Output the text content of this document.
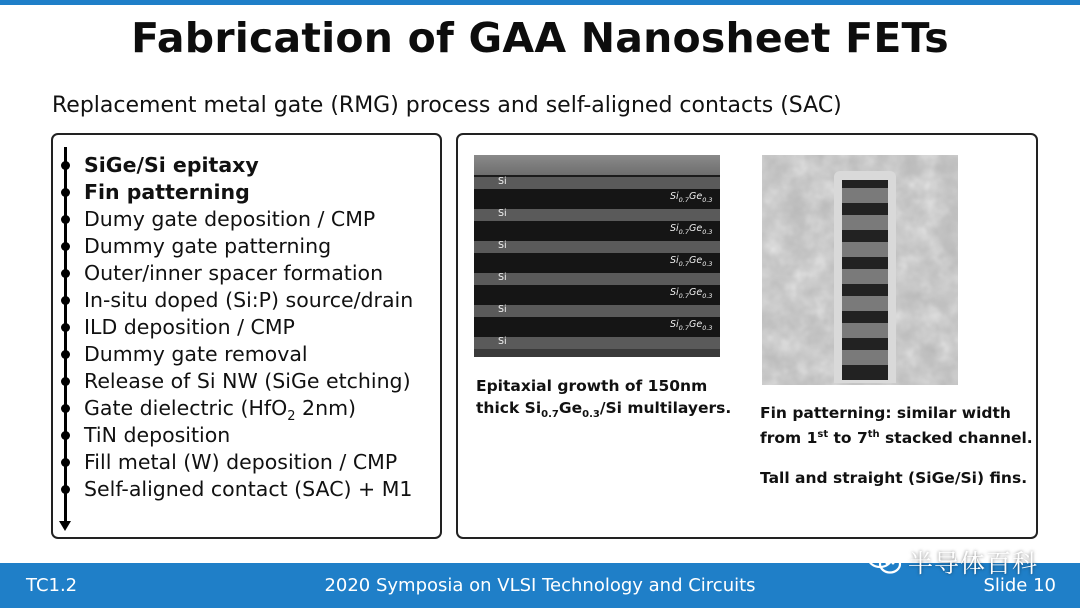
Fabrication of GAA Nanosheet FETs
Replacement metal gate (RMG) process and self-aligned contacts (SAC)
SiGe/Si epitaxy
Fin patterning
Dumy gate deposition / CMP
Dummy gate patterning
Outer/inner spacer formation
In-situ doped (Si:P) source/drain
ILD deposition / CMP
Dummy gate removal
Release of Si NW (SiGe etching)
Gate dielectric (HfO$_2$ 2nm)
TiN deposition
Fill metal (W) deposition / CMP
Self-aligned contact (SAC) + M1
Si
$Si_{0.7}Ge_{0.3}$
Si
$Si_{0.7}Ge_{0.3}$
Si
$Si_{0.7}Ge_{0.3}$
Si
$Si_{0.7}Ge_{0.3}$
Si
$Si_{0.7}Ge_{0.3}$
Si
Epitaxial growth of 150nm
thick $Si_{0.7}Ge_{0.3}/Si$ multilayers.	Fin patterning: similar width
from 1st to 7th stacked channel.
Tall and straight (SiGe/Si) fins.
TC1.2	2020 Symposia on VLSI Technology and Circuits	Slide 10
半导体百科
